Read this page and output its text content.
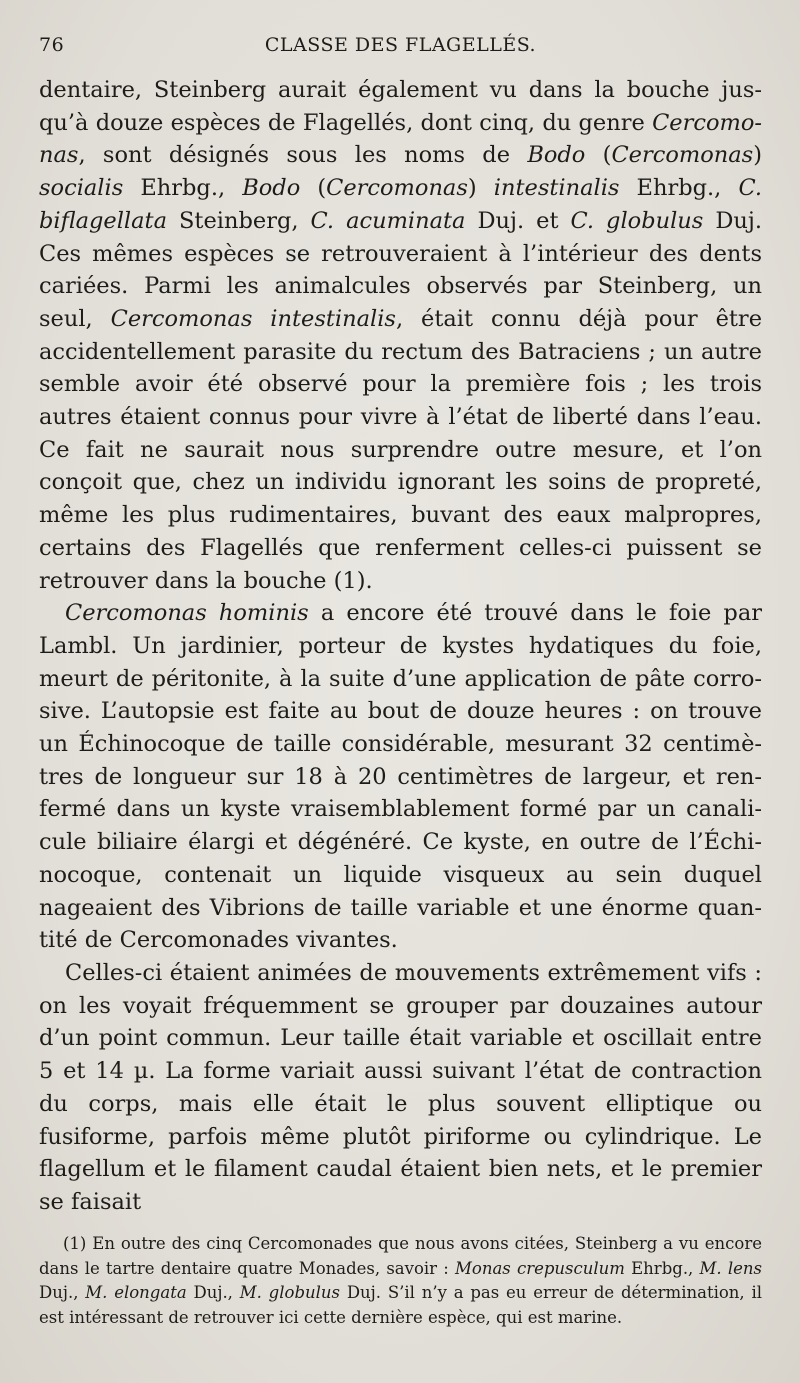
76	CLASSE DES FLAGELLÉS.

dentaire, Steinberg aurait également vu dans la bouche jusqu’à douze espèces de Flagellés, dont cinq, du genre Cercomonas, sont désignés sous les noms de Bodo (Cercomonas) socialis Ehrbg., Bodo (Cercomonas) intestinalis Ehrbg., C. biflagellata Steinberg, C. acuminata Duj. et C. globulus Duj. Ces mêmes espèces se retrouveraient à l’intérieur des dents cariées. Parmi les animalcules observés par Steinberg, un seul, Cercomonas intestinalis, était connu déjà pour être accidentellement parasite du rectum des Batraciens ; un autre semble avoir été observé pour la première fois ; les trois autres étaient connus pour vivre à l’état de liberté dans l’eau. Ce fait ne saurait nous surprendre outre mesure, et l’on conçoit que, chez un individu ignorant les soins de propreté, même les plus rudimentaires, buvant des eaux malpropres, certains des Flagellés que renferment celles-ci puissent se retrouver dans la bouche (1).

Cercomonas hominis a encore été trouvé dans le foie par Lambl. Un jardinier, porteur de kystes hydatiques du foie, meurt de péritonite, à la suite d’une application de pâte corrosive. L’autopsie est faite au bout de douze heures : on trouve un Échinocoque de taille considérable, mesurant 32 centimètres de longueur sur 18 à 20 centimètres de largeur, et renfermé dans un kyste vraisemblablement formé par un canalicule biliaire élargi et dégénéré. Ce kyste, en outre de l’Échinocoque, contenait un liquide visqueux au sein duquel nageaient des Vibrions de taille variable et une énorme quantité de Cercomonades vivantes.

Celles-ci étaient animées de mouvements extrêmement vifs : on les voyait fréquemment se grouper par douzaines autour d’un point commun. Leur taille était variable et oscillait entre 5 et 14 µ. La forme variait aussi suivant l’état de contraction du corps, mais elle était le plus souvent elliptique ou fusiforme, parfois même plutôt piriforme ou cylindrique. Le flagellum et le filament caudal étaient bien nets, et le premier se faisait

(1) En outre des cinq Cercomonades que nous avons citées, Steinberg a vu encore dans le tartre dentaire quatre Monades, savoir : Monas crepusculum Ehrbg., M. lens Duj., M. elongata Duj., M. globulus Duj. S’il n’y a pas eu erreur de détermination, il est intéressant de retrouver ici cette dernière espèce, qui est marine.
